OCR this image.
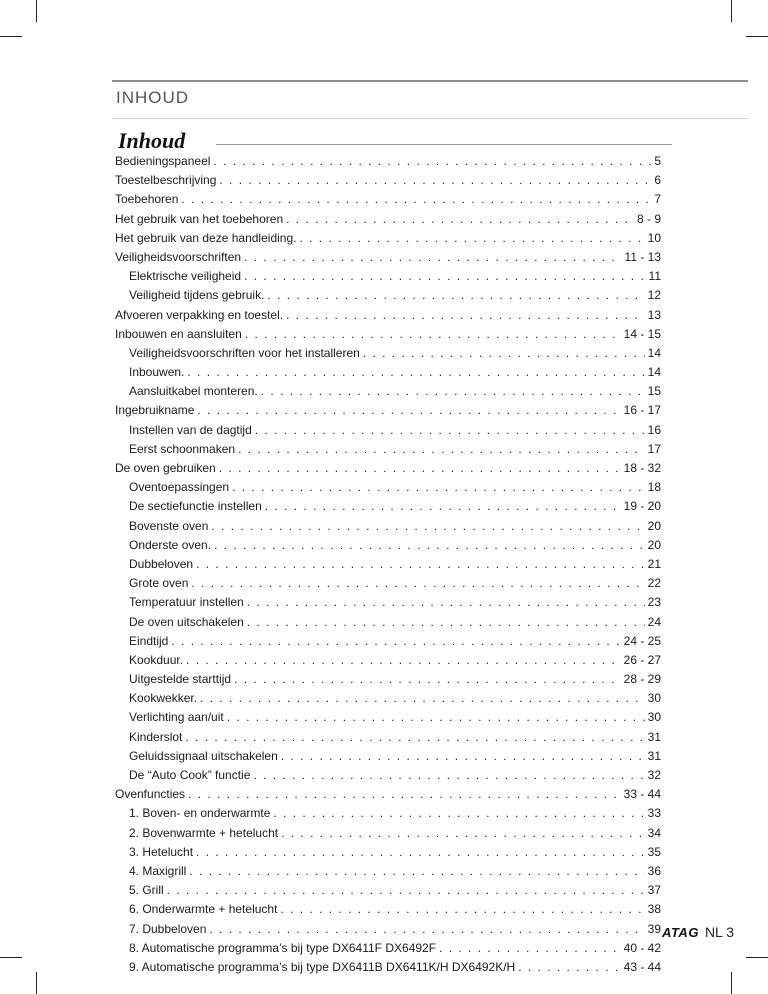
INHOUD
Inhoud
Bedieningspaneel . . .	5
Toestelbeschrijving . . .	6
Toebehoren . . .	7
Het gebruik van het toebehoren . . .	8 - 9
Het gebruik van deze handleiding. . . .	10
Veiligheidsvoorschriften . . .	11 - 13
Elektrische veiligheid . . .	11
Veiligheid tijdens gebruik. . . .	12
Afvoeren verpakking en toestel. . . .	13
Inbouwen en aansluiten . . .	14 - 15
Veiligheidsvoorschriften voor het installeren . . .	14
Inbouwen. . . .	14
Aansluitkabel monteren. . . .	15
Ingebruikname . . .	16 - 17
Instellen van de dagtijd . . .	16
Eerst schoonmaken . . .	17
De oven gebruiken . . .	18 - 32
Oventoepassingen . . .	18
De sectiefunctie instellen . . .	19 - 20
Bovenste oven . . .	20
Onderste oven. . . .	20
Dubbeloven . . .	21
Grote oven . . .	22
Temperatuur instellen . . .	23
De oven uitschakelen . . .	24
Eindtijd . . .	24 - 25
Kookduur. . . .	26 - 27
Uitgestelde starttijd . . .	28 - 29
Kookwekker. . . .	30
Verlichting aan/uit . . .	30
Kinderslot . . .	31
Geluidssignaal uitschakelen . . .	31
De “Auto Cook” functie . . .	32
Ovenfuncties . . .	33 - 44
1. Boven- en onderwarmte . . .	33
2. Bovenwarmte + hetelucht . . .	34
3. Hetelucht . . .	35
4. Maxigrill . . .	36
5. Grill . . .	37
6. Onderwarmte + hetelucht . . .	38
7. Dubbeloven . . .	39
8. Automatische programma’s bij type DX6411F DX6492F . . .	40 - 42
9. Automatische programma’s bij type DX6411B DX6411K/H DX6492K/H . . .	43 - 44
ATAG NL 3
